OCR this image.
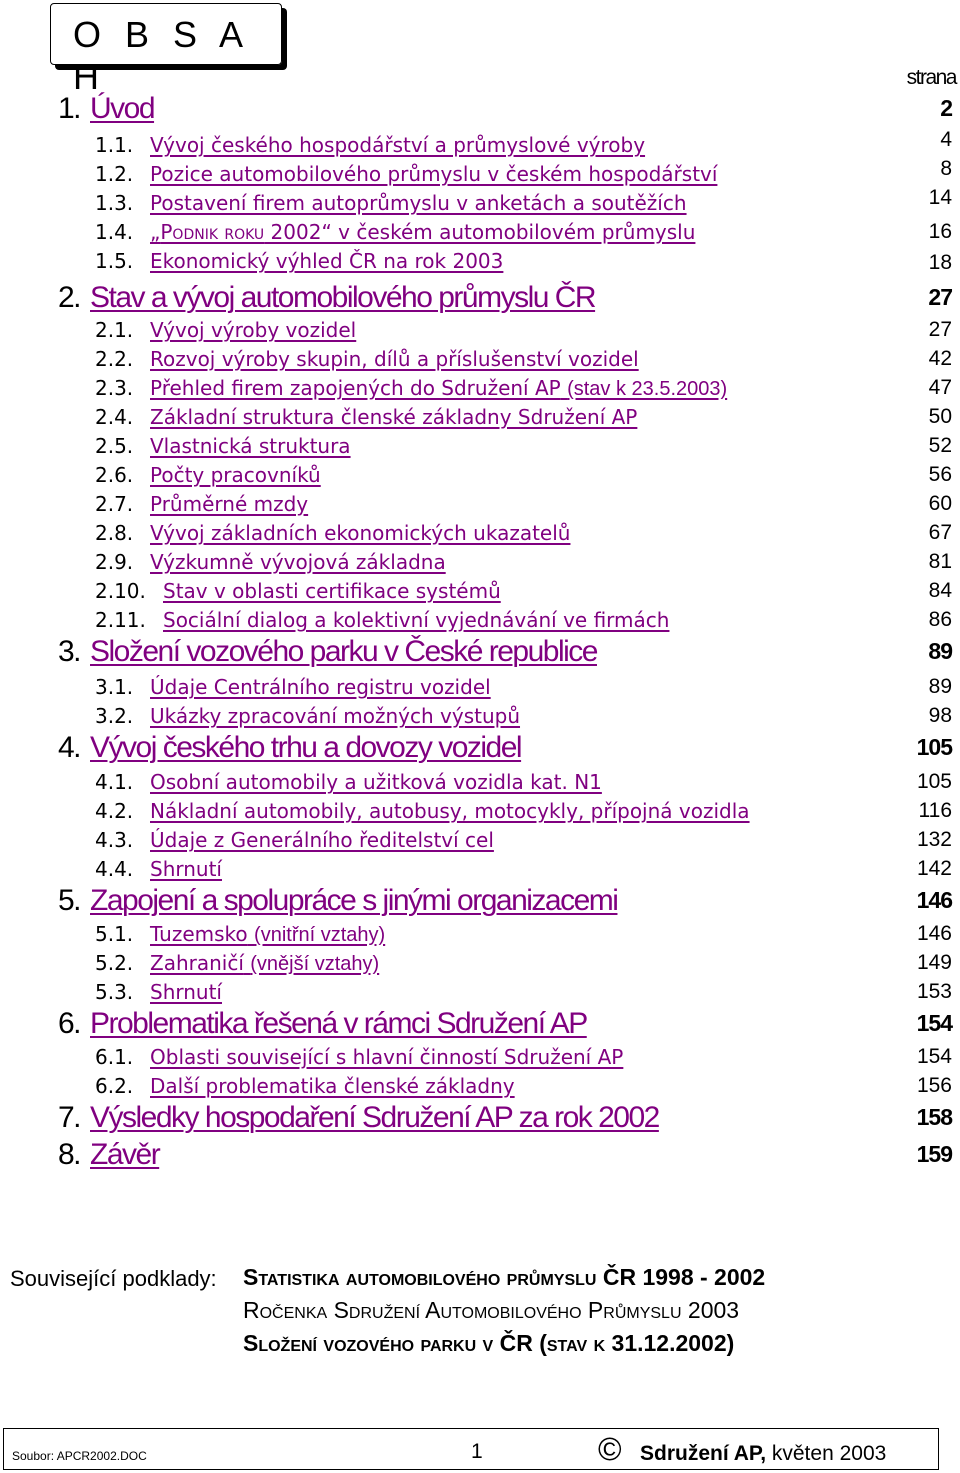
O B S A H	strana
1. Úvod	2
1.1. Vývoj českého hospodářství a průmyslové výroby	4
1.2. Pozice automobilového průmyslu v českém hospodářství	8
1.3. Postavení firem autoprůmyslu v anketách a soutěžích	14
1.4. „Podnik roku 2002“ v českém automobilovém průmyslu	16
1.5. Ekonomický výhled ČR na rok 2003	18
2. Stav a vývoj automobilového průmyslu ČR	27
2.1. Vývoj výroby vozidel	27
2.2. Rozvoj výroby skupin, dílů a příslušenství vozidel	42
2.3. Přehled firem zapojených do Sdružení AP (stav k 23.5.2003)	47
2.4. Základní struktura členské základny Sdružení AP	50
2.5. Vlastnická struktura	52
2.6. Počty pracovníků	56
2.7. Průměrné mzdy	60
2.8. Vývoj základních ekonomických ukazatelů	67
2.9. Výzkumně vývojová základna	81
2.10. Stav v oblasti certifikace systémů	84
2.11. Sociální dialog a kolektivní vyjednávání ve firmách	86
3. Složení vozového parku v České republice	89
3.1. Údaje Centrálního registru vozidel	89
3.2. Ukázky zpracování možných výstupů	98
4. Vývoj českého trhu a dovozy vozidel	105
4.1. Osobní automobily a užitková vozidla kat. N1	105
4.2. Nákladní automobily, autobusy, motocykly, přípojná vozidla	116
4.3. Údaje z Generálního ředitelství cel	132
4.4. Shrnutí	142
5. Zapojení a spolupráce s jinými organizacemi	146
5.1. Tuzemsko (vnitřní vztahy)	146
5.2. Zahraničí (vnější vztahy)	149
5.3. Shrnutí	153
6. Problematika řešená v rámci Sdružení AP	154
6.1. Oblasti související s hlavní činností Sdružení AP	154
6.2. Další problematika členské základny	156
7. Výsledky hospodaření Sdružení AP za rok 2002	158
8. Závěr	159
Související podklady: Statistika automobilového průmyslu ČR 1998 - 2002
Ročenka Sdružení Automobilového Průmyslu 2003
Složení vozového parku v ČR (stav k 31.12.2002)
Soubor: APCR2002.DOC	1	© Sdružení AP, květen 2003
